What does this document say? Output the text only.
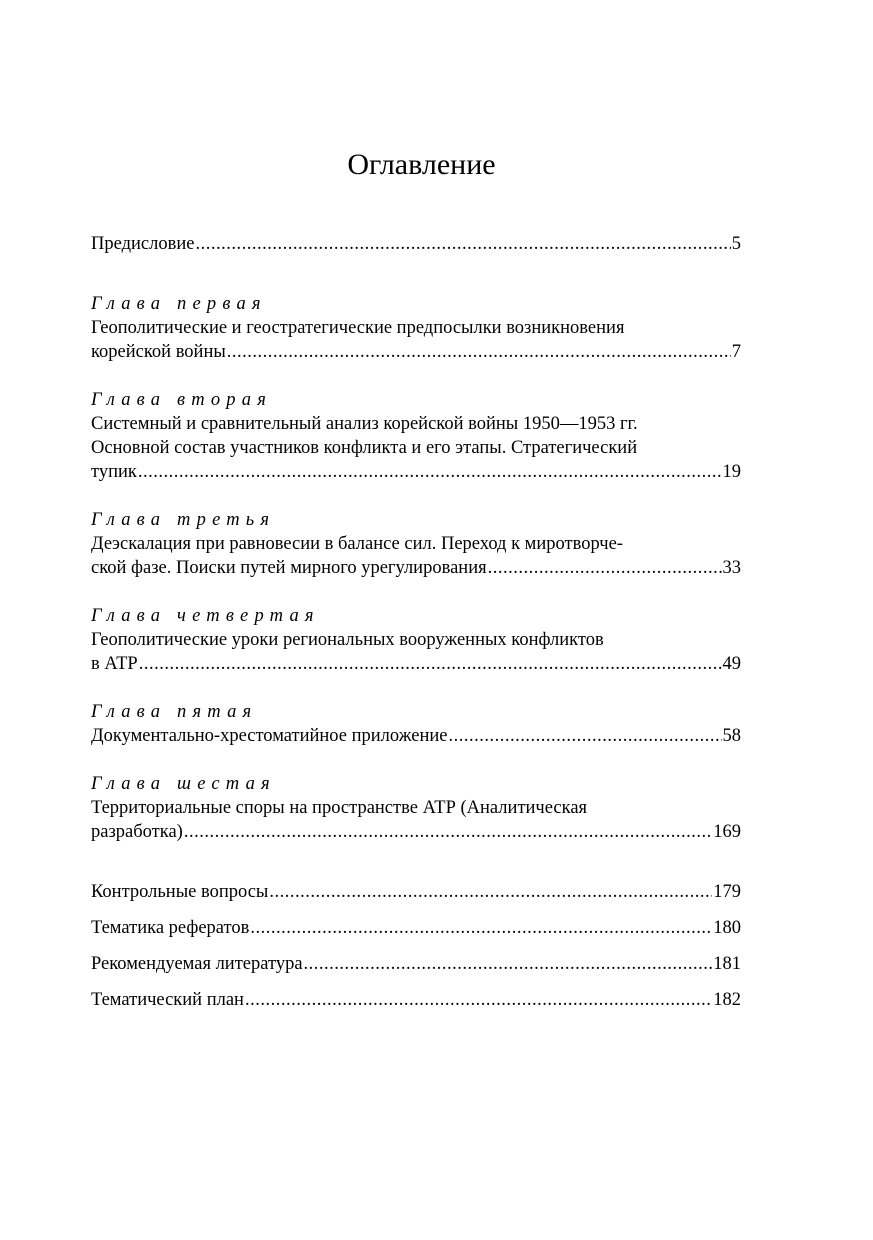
Оглавление
Предисловие .....	5
Глава первая
Геополитические и геостратегические предпосылки возникновения
корейской войны .....	7
Глава вторая
Системный и сравнительный анализ корейской войны 1950—1953 гг.
Основной состав участников конфликта и его этапы. Стратегический
тупик .....	19
Глава третья
Деэскалация при равновесии в балансе сил. Переход к миротворче-
ской фазе. Поиски путей мирного урегулирования .....	33
Глава четвертая
Геополитические уроки региональных вооруженных конфликтов
в АТР .....	49
Глава пятая
Документально-хрестоматийное приложение .....	58
Глава шестая
Территориальные споры на пространстве АТР (Аналитическая
разработка) .....	169
Контрольные вопросы .....	179
Тематика рефератов .....	180
Рекомендуемая литература .....	181
Тематический план .....	182
